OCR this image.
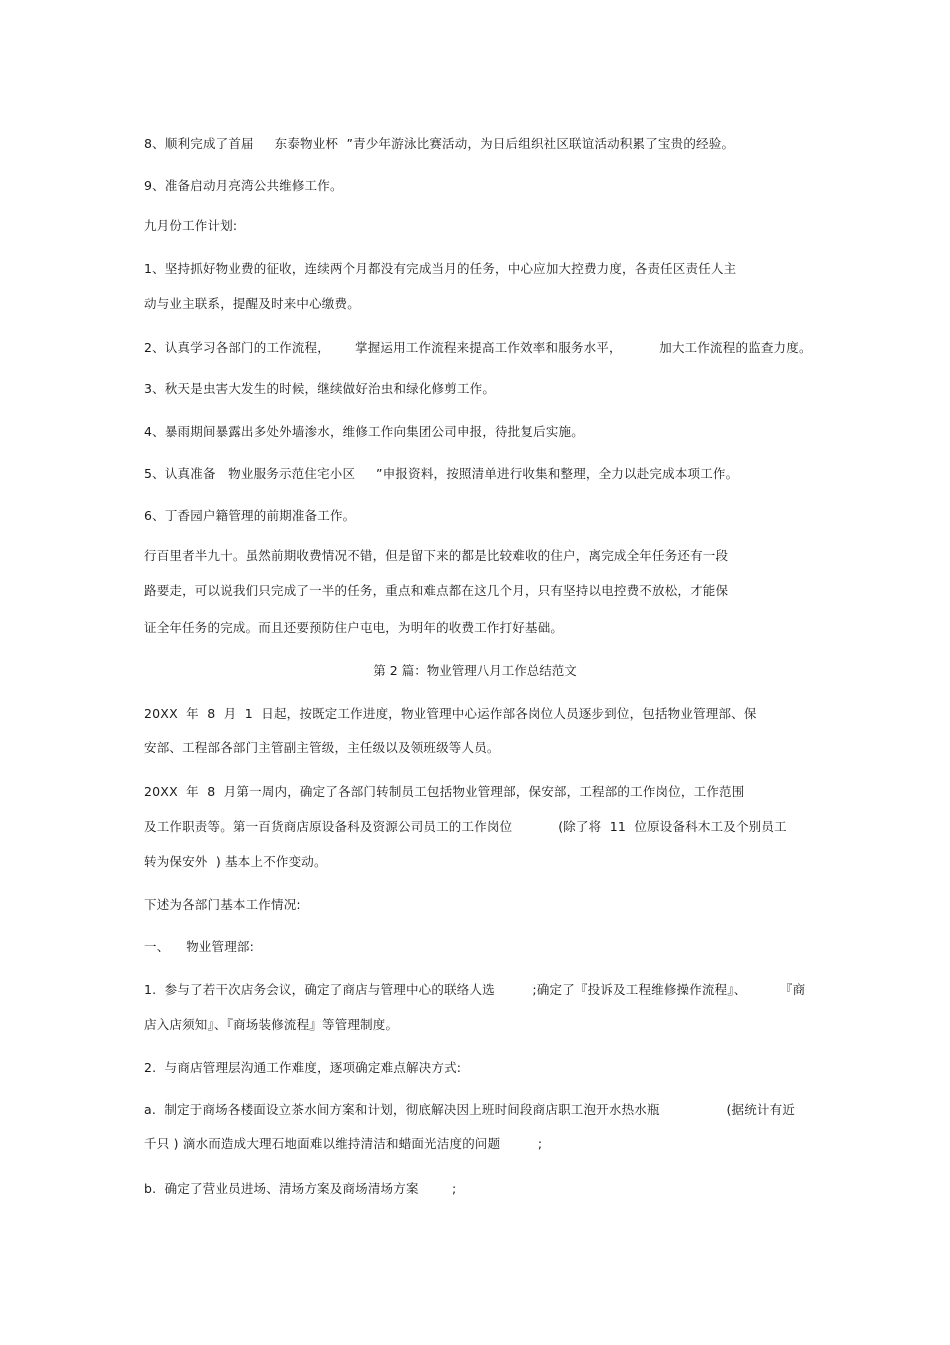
8、顺利完成了首届     东泰物业杯  ”青少年游泳比赛活动，为日后组织社区联谊活动积累了宝贵的经验。
9、准备启动月亮湾公共维修工作。
九月份工作计划:
1、坚持抓好物业费的征收，连续两个月都没有完成当月的任务，中心应加大控费力度，各责任区责任人主
动与业主联系，提醒及时来中心缴费。
2、认真学习各部门的工作流程，      掌握运用工作流程来提高工作效率和服务水平，         加大工作流程的监查力度。
3、秋天是虫害大发生的时候，继续做好治虫和绿化修剪工作。
4、暴雨期间暴露出多处外墙渗水，维修工作向集团公司申报，待批复后实施。
5、认真准备   物业服务示范住宅小区     ”申报资料，按照清单进行收集和整理，全力以赴完成本项工作。
6、丁香园户籍管理的前期准备工作。
行百里者半九十。虽然前期收费情况不错，但是留下来的都是比较难收的住户，离完成全年任务还有一段
路要走，可以说我们只完成了一半的任务，重点和难点都在这几个月，只有坚持以电控费不放松，才能保
证全年任务的完成。而且还要预防住户屯电，为明年的收费工作打好基础。
第 2 篇：物业管理八月工作总结范文
20XX  年  8  月  1  日起，按既定工作进度，物业管理中心运作部各岗位人员逐步到位，包括物业管理部、保
安部、工程部各部门主管副主管级，主任级以及领班级等人员。
20XX  年  8  月第一周内，确定了各部门转制员工包括物业管理部，保安部，工程部的工作岗位，工作范围
及工作职责等。第一百货商店原设备科及资源公司员工的工作岗位           (除了将  11  位原设备科木工及个别员工
转为保安外  ) 基本上不作变动。
下述为各部门基本工作情况:
一、    物业管理部:
1.  参与了若干次店务会议，确定了商店与管理中心的联络人选         ;确定了『投诉及工程维修操作流程』、        『商
店入店须知』、『商场装修流程』等管理制度。
2.  与商店管理层沟通工作难度，逐项确定难点解决方式:
a.  制定于商场各楼面设立茶水间方案和计划，彻底解决因上班时间段商店职工泡开水热水瓶                (据统计有近
千只 ) 滴水而造成大理石地面难以维持清洁和蜡面光洁度的问题         ;
b.  确定了营业员进场、清场方案及商场清场方案        ;
